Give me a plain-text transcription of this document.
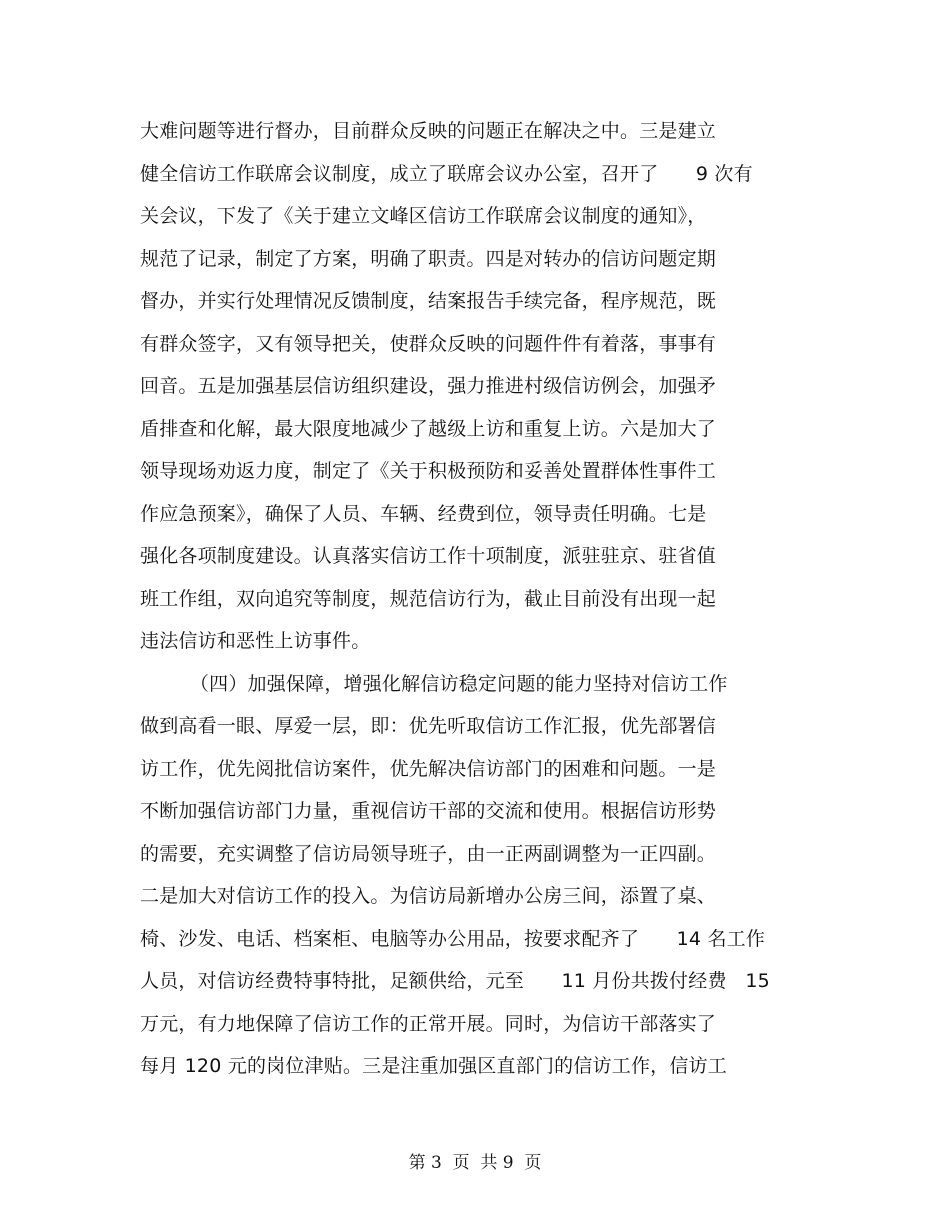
大难问题等进行督办，目前群众反映的问题正在解决之中。三是建立
健全信访工作联席会议制度，成立了联席会议办公室，召开了      9 次有
关会议，下发了《关于建立文峰区信访工作联席会议制度的通知》，
规范了记录，制定了方案，明确了职责。四是对转办的信访问题定期
督办，并实行处理情况反馈制度，结案报告手续完备，程序规范，既
有群众签字，又有领导把关，使群众反映的问题件件有着落，事事有
回音。五是加强基层信访组织建设，强力推进村级信访例会，加强矛
盾排查和化解，最大限度地减少了越级上访和重复上访。六是加大了
领导现场劝返力度，制定了《关于积极预防和妥善处置群体性事件工
作应急预案》，确保了人员、车辆、经费到位，领导责任明确。七是
强化各项制度建设。认真落实信访工作十项制度，派驻驻京、驻省值
班工作组，双向追究等制度，规范信访行为，截止目前没有出现一起
违法信访和恶性上访事件。
（四）加强保障，增强化解信访稳定问题的能力坚持对信访工作
做到高看一眼、厚爱一层，即：优先听取信访工作汇报，优先部署信
访工作，优先阅批信访案件，优先解决信访部门的困难和问题。一是
不断加强信访部门力量，重视信访干部的交流和使用。根据信访形势
的需要，充实调整了信访局领导班子，由一正两副调整为一正四副。
二是加大对信访工作的投入。为信访局新增办公房三间，添置了桌、
椅、沙发、电话、档案柜、电脑等办公用品，按要求配齐了      14 名工作
人员，对信访经费特事特批，足额供给，元至      11 月份共拨付经费   15
万元，有力地保障了信访工作的正常开展。同时，为信访干部落实了
每月 120 元的岗位津贴。三是注重加强区直部门的信访工作，信访工
第 3  页  共 9  页
